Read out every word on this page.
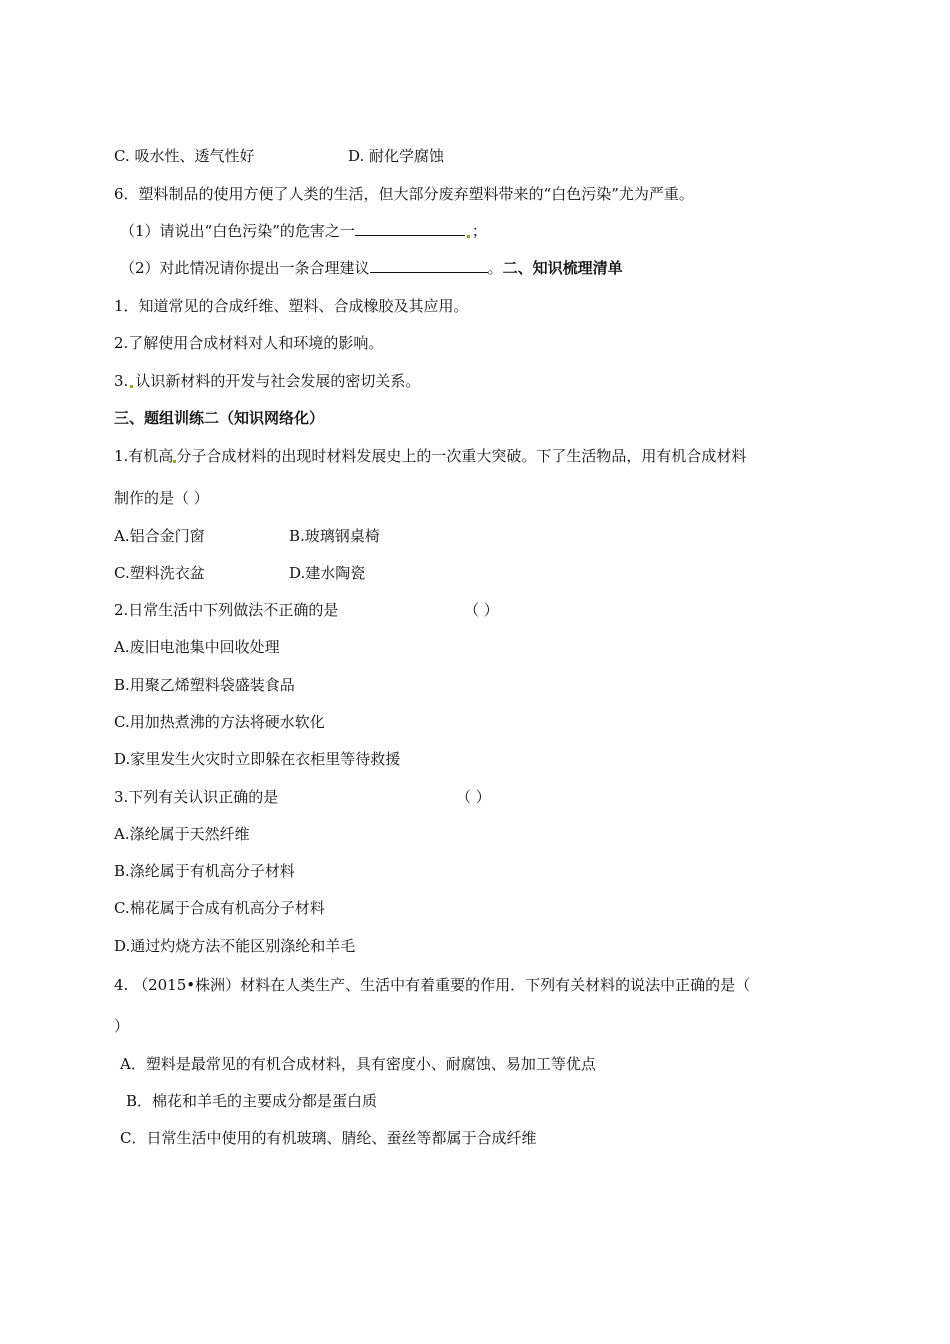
C. 吸水性、透气性好	D. 耐化学腐蚀
6．塑料制品的使用方便了人类的生活，但大部分废弃塑料带来的“白色污染”尤为严重。
（1）请说出“白色污染”的危害之一	；
（2）对此情况请你提出一条合理建议	。二、知识梳理清单
1．知道常见的合成纤维、塑料、合成橡胶及其应用。
2.了解使用合成材料对人和环境的影响。
3. 认识新材料的开发与社会发展的密切关系。
三、题组训练二（知识网络化）
1.有机高 分子合成材料的出现时材料发展史上的一次重大突破。下了生活物品，用有机合成材料
制作的是（ ）
A.铝合金门窗	B.玻璃钢桌椅
C.塑料洗衣盆	D.建水陶瓷
2.日常生活中下列做法不正确的是	（ ）
A.废旧电池集中回收处理
B.用聚乙烯塑料袋盛装食品
C.用加热煮沸的方法将硬水软化
D.家里发生火灾时立即躲在衣柜里等待救援
3.下列有关认识正确的是	（ ）
A.涤纶属于天然纤维
B.涤纶属于有机高分子材料
C.棉花属于合成有机高分子材料
D.通过灼烧方法不能区别涤纶和羊毛
4. （2015•株洲）材料在人类生产、生活中有着重要的作用．下列有关材料的说法中正确的是（
）
A．塑料是最常见的有机合成材料，具有密度小、耐腐蚀、易加工等优点
B．棉花和羊毛的主要成分都是蛋白质
C．日常生活中使用的有机玻璃、腈纶、蚕丝等都属于合成纤维
